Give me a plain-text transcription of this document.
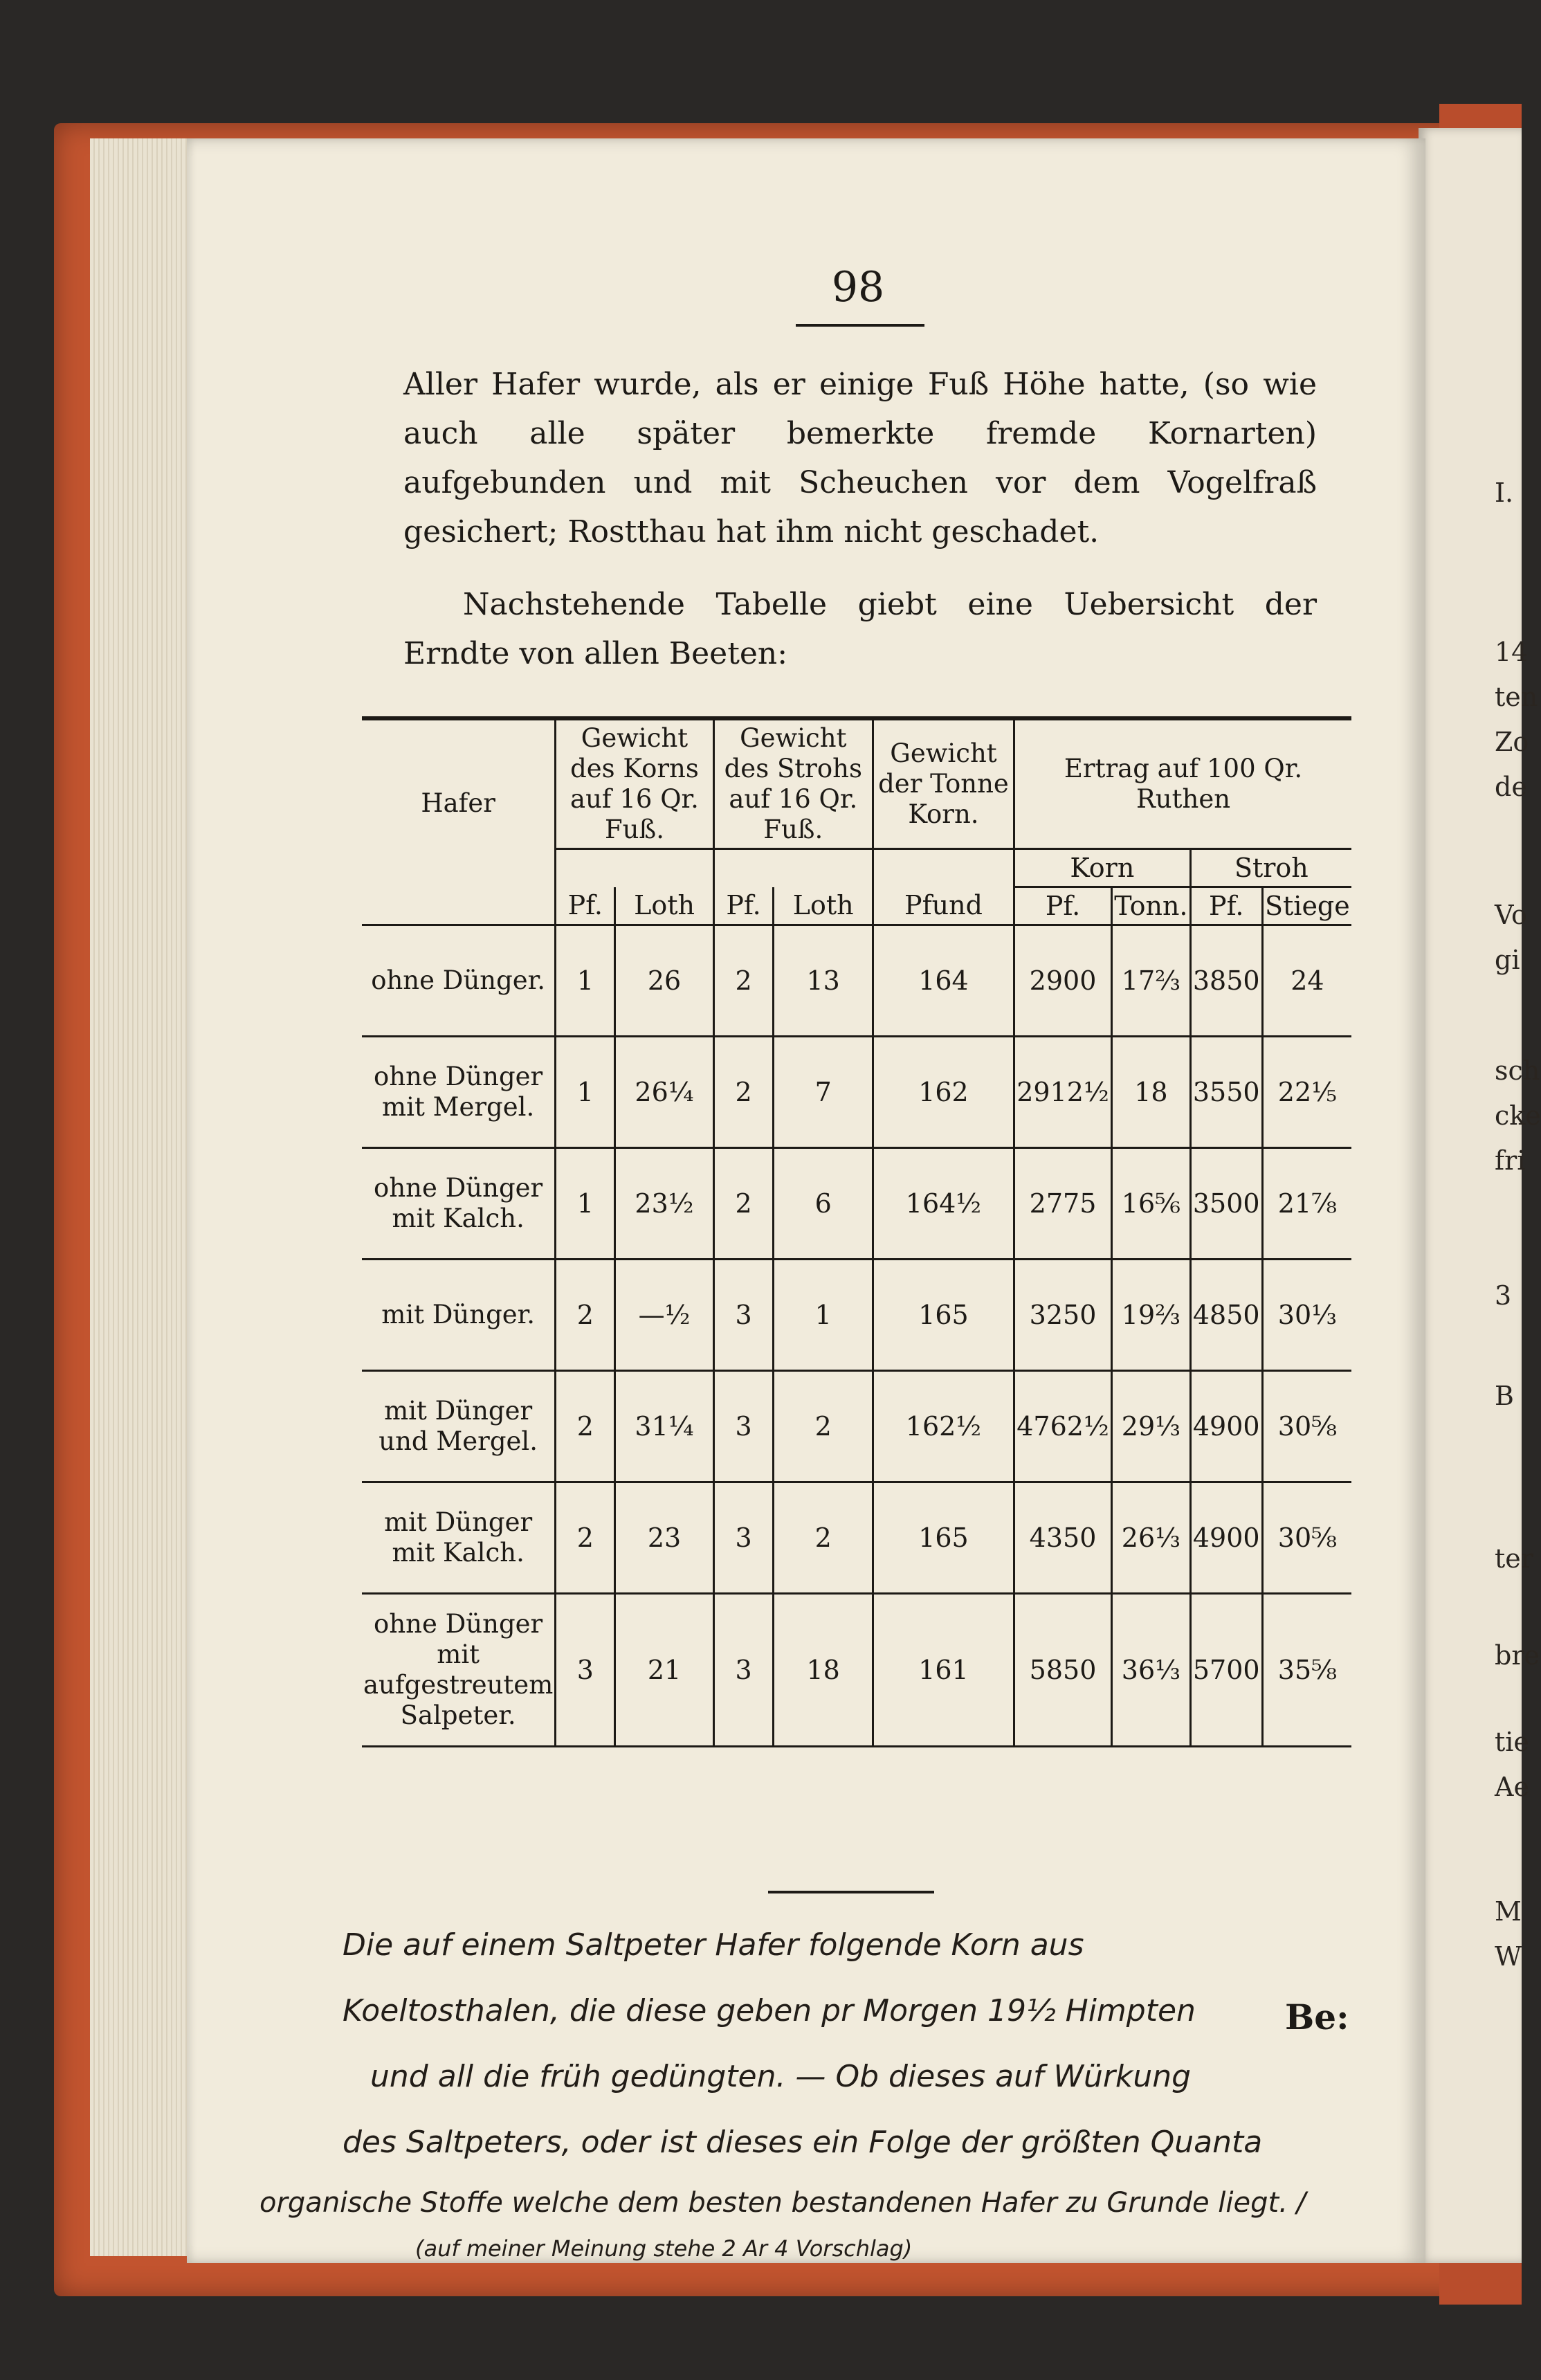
I.
14
ten
Zo
de
Vo
gi
sch
cke
fri
3
B
ter
bre
tie
Ae
M
W
98
Aller Hafer wurde, als er einige Fuß Höhe hatte, (so wie auch alle später bemerkte fremde Kornarten) aufgebunden und mit Scheuchen vor dem Vogelfraß gesichert; Rostthau hat ihm nicht geschadet.
Nachstehende Tabelle giebt eine Uebersicht der Erndte von allen Beeten:
Hafer	Gewicht des Korns auf 16 Qr. Fuß.		Gewicht des Strohs auf 16 Qr. Fuß.		Gewicht der Tonne Korn.	Ertrag auf 100 Qr. Ruthen			
						Korn		Stroh	
	Pf.	Loth	Pf.	Loth	Pfund	Pf.	Tonn.	Pf.	Stiege
ohne Dünger.	1	26	2	13	164	2900	17⅔	3850	24
ohne Dünger mit Mergel.	1	26¼	2	7	162	2912½	18	3550	22⅕
ohne Dünger mit Kalch.	1	23½	2	6	164½	2775	16⅚	3500	21⅞
mit Dünger.	2	—½	3	1	165	3250	19⅔	4850	30⅓
mit Dünger und Mergel.	2	31¼	3	2	162½	4762½	29⅓	4900	30⅝
mit Dünger mit Kalch.	2	23	3	2	165	4350	26⅓	4900	30⅝
ohne Dünger mit aufgestreutem Salpeter.	3	21	3	18	161	5850	36⅓	5700	35⅝
Be:
Die auf einem Saltpeter Hafer folgende Korn aus
Koeltosthalen, die diese geben pr Morgen 19½ Himpten
und all die früh gedüngten. — Ob dieses auf Würkung
des Saltpeters, oder ist dieses ein Folge der größten Quanta
organische Stoffe welche dem besten bestandenen Hafer zu Grunde liegt. /
(auf meiner Meinung stehe 2 Ar 4 Vorschlag)
